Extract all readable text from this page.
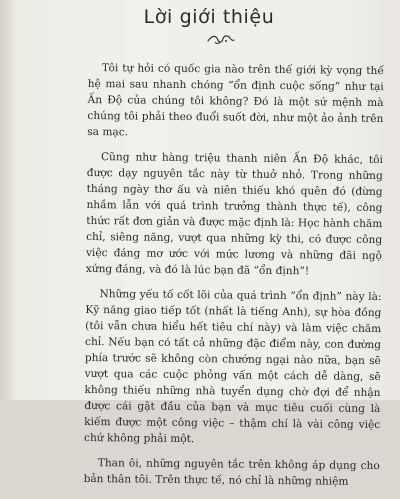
Lời giới thiệu

Tôi tự hỏi có quốc gia nào trên thế giới kỳ vọng thế hệ mai sau nhanh chóng “ổn định cuộc sống” như tại Ấn Độ của chúng tôi không? Đó là một sứ mệnh mà chúng tôi phải theo đuổi suốt đời, như một ảo ảnh trên sa mạc.

Cũng như hàng triệu thanh niên Ấn Độ khác, tôi được dạy nguyên tắc này từ thuở nhỏ. Trong những tháng ngày thơ ấu và niên thiếu khó quên đó (đừng nhầm lẫn với quá trình trưởng thành thực tế), công thức rất đơn giản và được mặc định là: Học hành chăm chỉ, siêng năng, vượt qua những kỳ thi, có được công việc đáng mơ ước với mức lương và những đãi ngộ xứng đáng, và đó là lúc bạn đã “ổn định”!

Những yếu tố cốt lõi của quá trình “ổn định” này là: Kỹ năng giao tiếp tốt (nhất là tiếng Anh), sự hòa đồng (tôi vẫn chưa hiểu hết tiêu chí này) và làm việc chăm chỉ. Nếu bạn có tất cả những đặc điểm này, con đường phía trước sẽ không còn chướng ngại nào nữa, bạn sẽ vượt qua các cuộc phỏng vấn một cách dễ dàng, sẽ không thiếu những nhà tuyển dụng chờ đợi để nhận được cái gật đầu của bạn và mục tiêu cuối cùng là kiếm được một công việc – thậm chí là vài công việc chứ không phải một.

Than ôi, những nguyên tắc trên không áp dụng cho bản thân tôi. Trên thực tế, nó chỉ là những nhiệm
